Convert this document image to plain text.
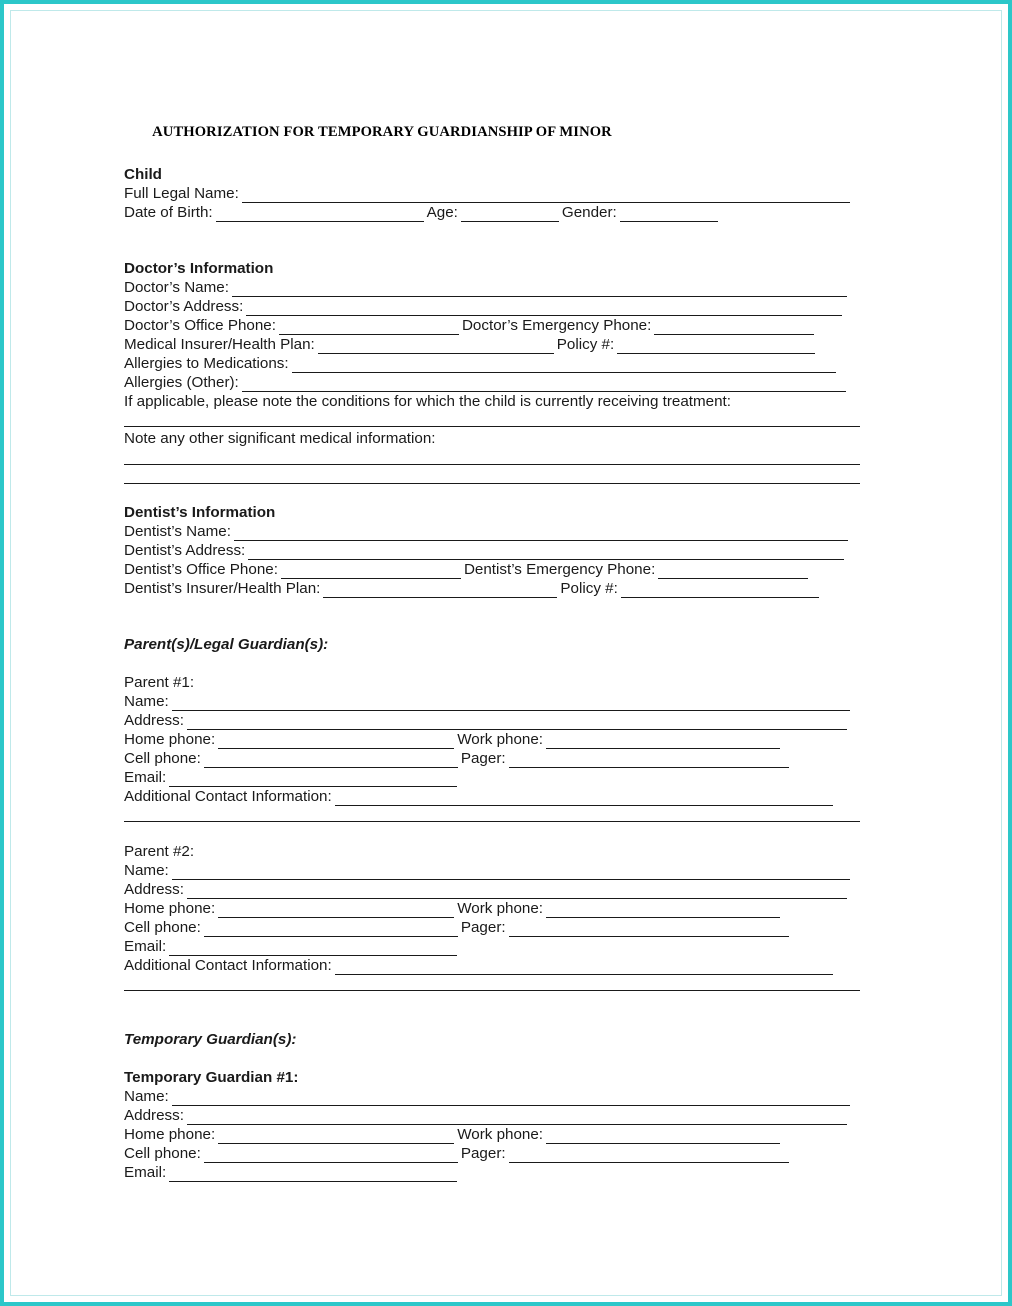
AUTHORIZATION FOR TEMPORARY GUARDIANSHIP OF MINOR
Child
Full Legal Name:
Date of Birth:	Age:	Gender:
Doctor’s Information
Doctor’s Name:
Doctor’s Address:
Doctor’s Office Phone:	Doctor’s Emergency Phone:
Medical Insurer/Health Plan:	Policy #:
Allergies to Medications:
Allergies (Other):
If applicable, please note the conditions for which the child is currently receiving treatment:
Note any other significant medical information:
Dentist’s Information
Dentist’s Name:
Dentist’s Address:
Dentist’s Office Phone:	Dentist’s Emergency Phone:
Dentist’s Insurer/Health Plan:	Policy #:
Parent(s)/Legal Guardian(s):
Parent #1:
Name:
Address:
Home phone:	Work phone:
Cell phone:	Pager:
Email:
Additional Contact Information:
Parent #2:
Name:
Address:
Home phone:	Work phone:
Cell phone:	Pager:
Email:
Additional Contact Information:
Temporary Guardian(s):
Temporary Guardian #1:
Name:
Address:
Home phone:	Work phone:
Cell phone:	Pager:
Email:
